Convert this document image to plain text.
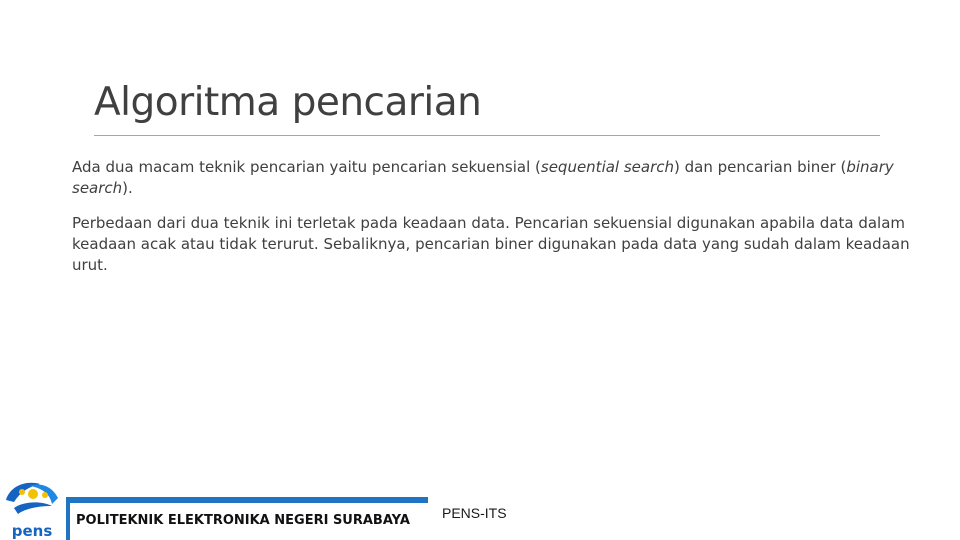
Algoritma pencarian

Ada dua macam teknik pencarian yaitu pencarian sekuensial (sequential search) dan pencarian biner (binary search).

Perbedaan dari dua teknik ini terletak pada keadaan data. Pencarian sekuensial digunakan apabila data dalam keadaan acak atau tidak terurut. Sebaliknya, pencarian biner digunakan pada data yang sudah dalam keadaan urut.

POLITEKNIK ELEKTRONIKA NEGERI SURABAYA PENS-ITS
pens
